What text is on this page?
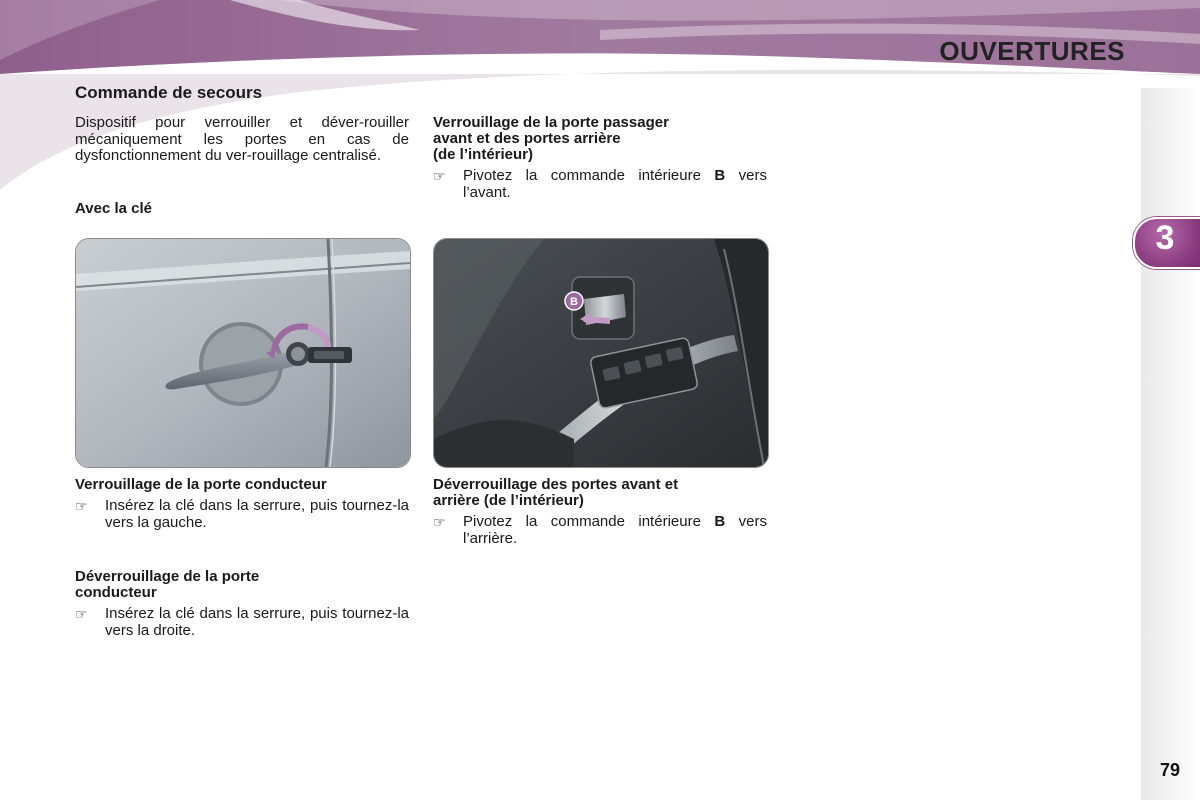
OUVERTURES
3
Commande de secours
Dispositif pour verrouiller et déver-rouiller mécaniquement les portes en cas de dysfonctionnement du ver-rouillage centralisé.
Avec la clé
Verrouillage de la porte conducteur
☞ Insérez la clé dans la serrure, puis tournez-la vers la gauche.
Déverrouillage de la porte
conducteur
☞ Insérez la clé dans la serrure, puis tournez-la vers la droite.
Verrouillage de la porte passager
avant et des portes arrière
(de l’intérieur)
☞ Pivotez la commande intérieure B vers l’avant.
B
Déverrouillage des portes avant et
arrière (de l’intérieur)
☞ Pivotez la commande intérieure B vers l’arrière.
79
